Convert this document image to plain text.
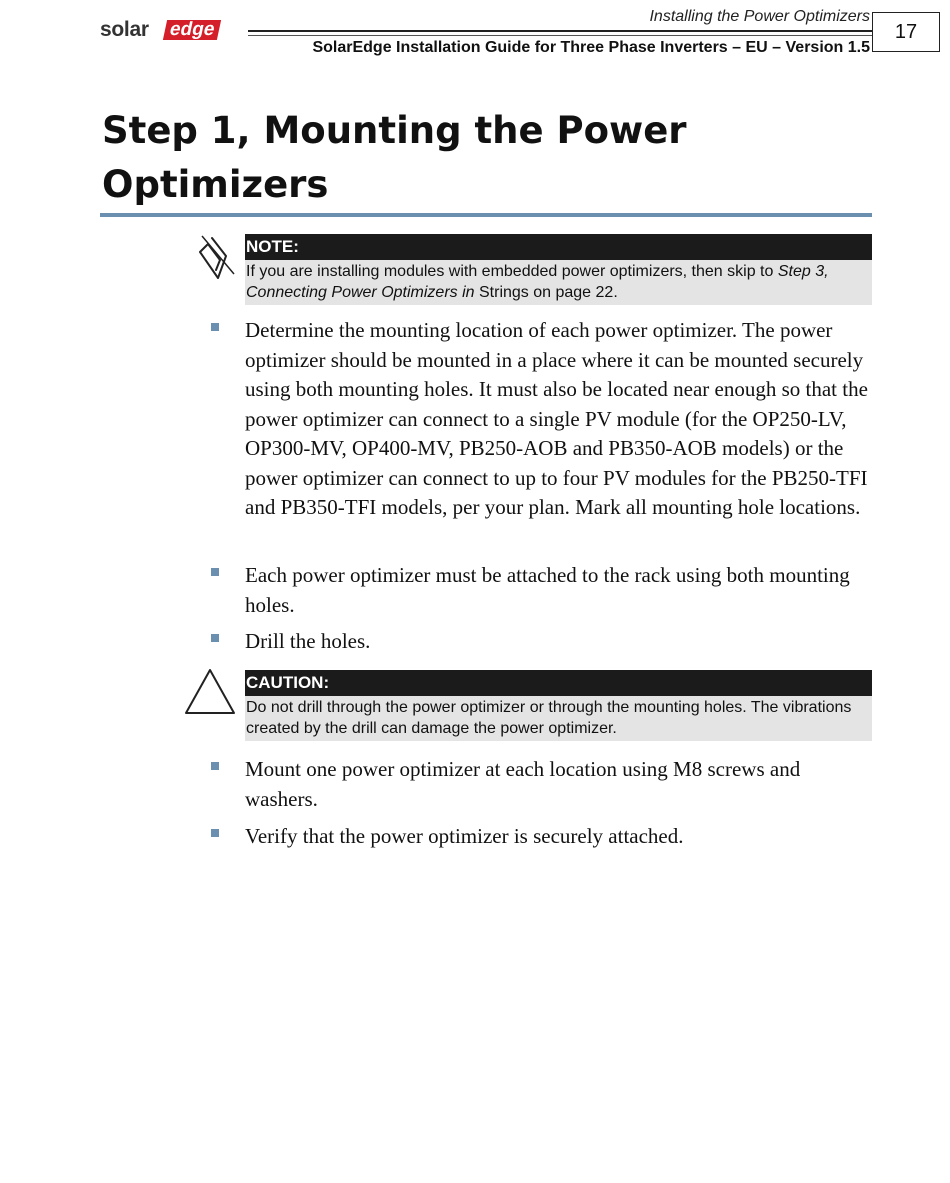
solar edge
Installing the Power Optimizers
SolarEdge Installation Guide for Three Phase Inverters – EU – Version 1.5
17
Step 1, Mounting the Power Optimizers
NOTE:
If you are installing modules with embedded power optimizers, then skip to Step 3, Connecting Power Optimizers in Strings on page 22.
Determine the mounting location of each power optimizer. The power optimizer should be mounted in a place where it can be mounted securely using both mounting holes. It must also be located near enough so that the power optimizer can connect to a single PV module (for the OP250-LV, OP300-MV, OP400-MV, PB250-AOB and PB350-AOB models) or the power optimizer can connect to up to four PV modules for the PB250-TFI and PB350-TFI models, per your plan. Mark all mounting hole locations.
Each power optimizer must be attached to the rack using both mounting holes.
Drill the holes.
CAUTION:
Do not drill through the power optimizer or through the mounting holes. The vibrations created by the drill can damage the power optimizer.
Mount one power optimizer at each location using M8 screws and washers.
Verify that the power optimizer is securely attached.
